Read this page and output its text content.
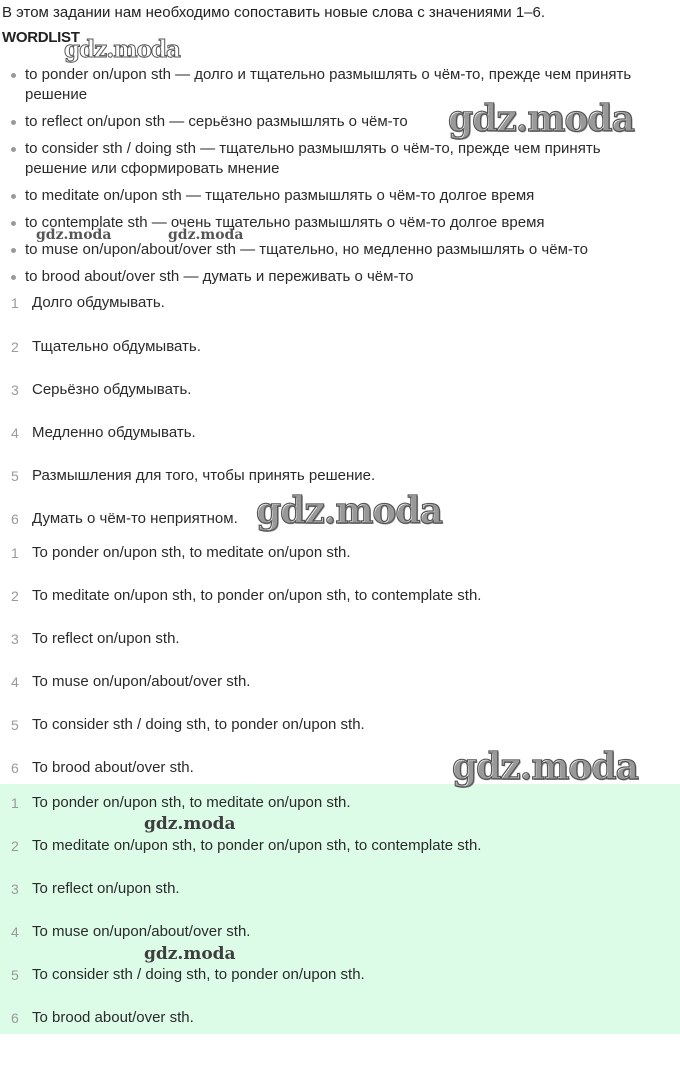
В этом задании нам необходимо сопоставить новые слова с значениями 1–6.
WORDLIST
to ponder on/upon sth — долго и тщательно размышлять о чём-то, прежде чем принять решение
to reflect on/upon sth — серьёзно размышлять о чём-то
to consider sth / doing sth — тщательно размышлять о чём-то, прежде чем принять решение или сформировать мнение
to meditate on/upon sth — тщательно размышлять о чём-то долгое время
to contemplate sth — очень тщательно размышлять о чём-то долгое время
to muse on/upon/about/over sth — тщательно, но медленно размышлять о чём-то
to brood about/over sth — думать и переживать о чём-то
1 Долго обдумывать.
2 Тщательно обдумывать.
3 Серьёзно обдумывать.
4 Медленно обдумывать.
5 Размышления для того, чтобы принять решение.
6 Думать о чём-то неприятном.
1 To ponder on/upon sth, to meditate on/upon sth.
2 To meditate on/upon sth, to ponder on/upon sth, to contemplate sth.
3 To reflect on/upon sth.
4 To muse on/upon/about/over sth.
5 To consider sth / doing sth, to ponder on/upon sth.
6 To brood about/over sth.
1 To ponder on/upon sth, to meditate on/upon sth.
2 To meditate on/upon sth, to ponder on/upon sth, to contemplate sth.
3 To reflect on/upon sth.
4 To muse on/upon/about/over sth.
5 To consider sth / doing sth, to ponder on/upon sth.
6 To brood about/over sth.
gdz.moda
gdz.moda
gdz.moda	gdz.moda
gdz.moda
gdz.moda
gdz.moda
gdz.moda
